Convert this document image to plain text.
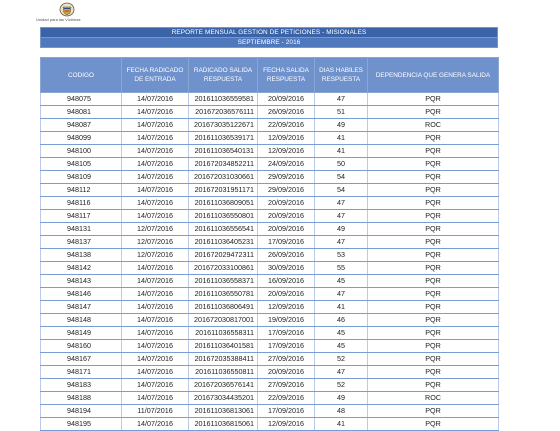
Unidad para las Víctimas
REPORTE MENSUAL GESTION DE PETICIONES - MISIONALES
SEPTIEMBRE - 2016
CODIGO	FECHA RADICADO DE ENTRADA	RADICADO SALIDA RESPUESTA	FECHA SALIDA RESPUESTA	DIAS HABILES RESPUESTA	DEPENDENCIA QUE GENERA SALIDA
948075	14/07/2016	201611036559581	20/09/2016	47	PQR
948081	14/07/2016	201672036576111	26/09/2016	51	PQR
948087	14/07/2016	201673035122671	22/09/2016	49	ROC
948099	14/07/2016	201611036539171	12/09/2016	41	PQR
948100	14/07/2016	201611036540131	12/09/2016	41	PQR
948105	14/07/2016	201672034852211	24/09/2016	50	PQR
948109	14/07/2016	201672031030661	29/09/2016	54	PQR
948112	14/07/2016	201672031951171	29/09/2016	54	PQR
948116	14/07/2016	201611036809051	20/09/2016	47	PQR
948117	14/07/2016	201611036550801	20/09/2016	47	PQR
948131	12/07/2016	201611036556541	20/09/2016	49	PQR
948137	12/07/2016	201611036405231	17/09/2016	47	PQR
948138	12/07/2016	201672029472311	26/09/2016	53	PQR
948142	14/07/2016	201672033100861	30/09/2016	55	PQR
948143	14/07/2016	201611036558371	16/09/2016	45	PQR
948146	14/07/2016	201611036550781	20/09/2016	47	PQR
948147	14/07/2016	201611036806491	12/09/2016	41	PQR
948148	14/07/2016	201672030817001	19/09/2016	46	PQR
948149	14/07/2016	201611036558311	17/09/2016	45	PQR
948160	14/07/2016	201611036401581	17/09/2016	45	PQR
948167	14/07/2016	201672035388411	27/09/2016	52	PQR
948171	14/07/2016	201611036550811	20/09/2016	47	PQR
948183	14/07/2016	201672036576141	27/09/2016	52	PQR
948188	14/07/2016	201673034435201	22/09/2016	49	ROC
948194	11/07/2016	201611036813061	17/09/2016	48	PQR
948195	14/07/2016	201611036815061	12/09/2016	41	PQR
